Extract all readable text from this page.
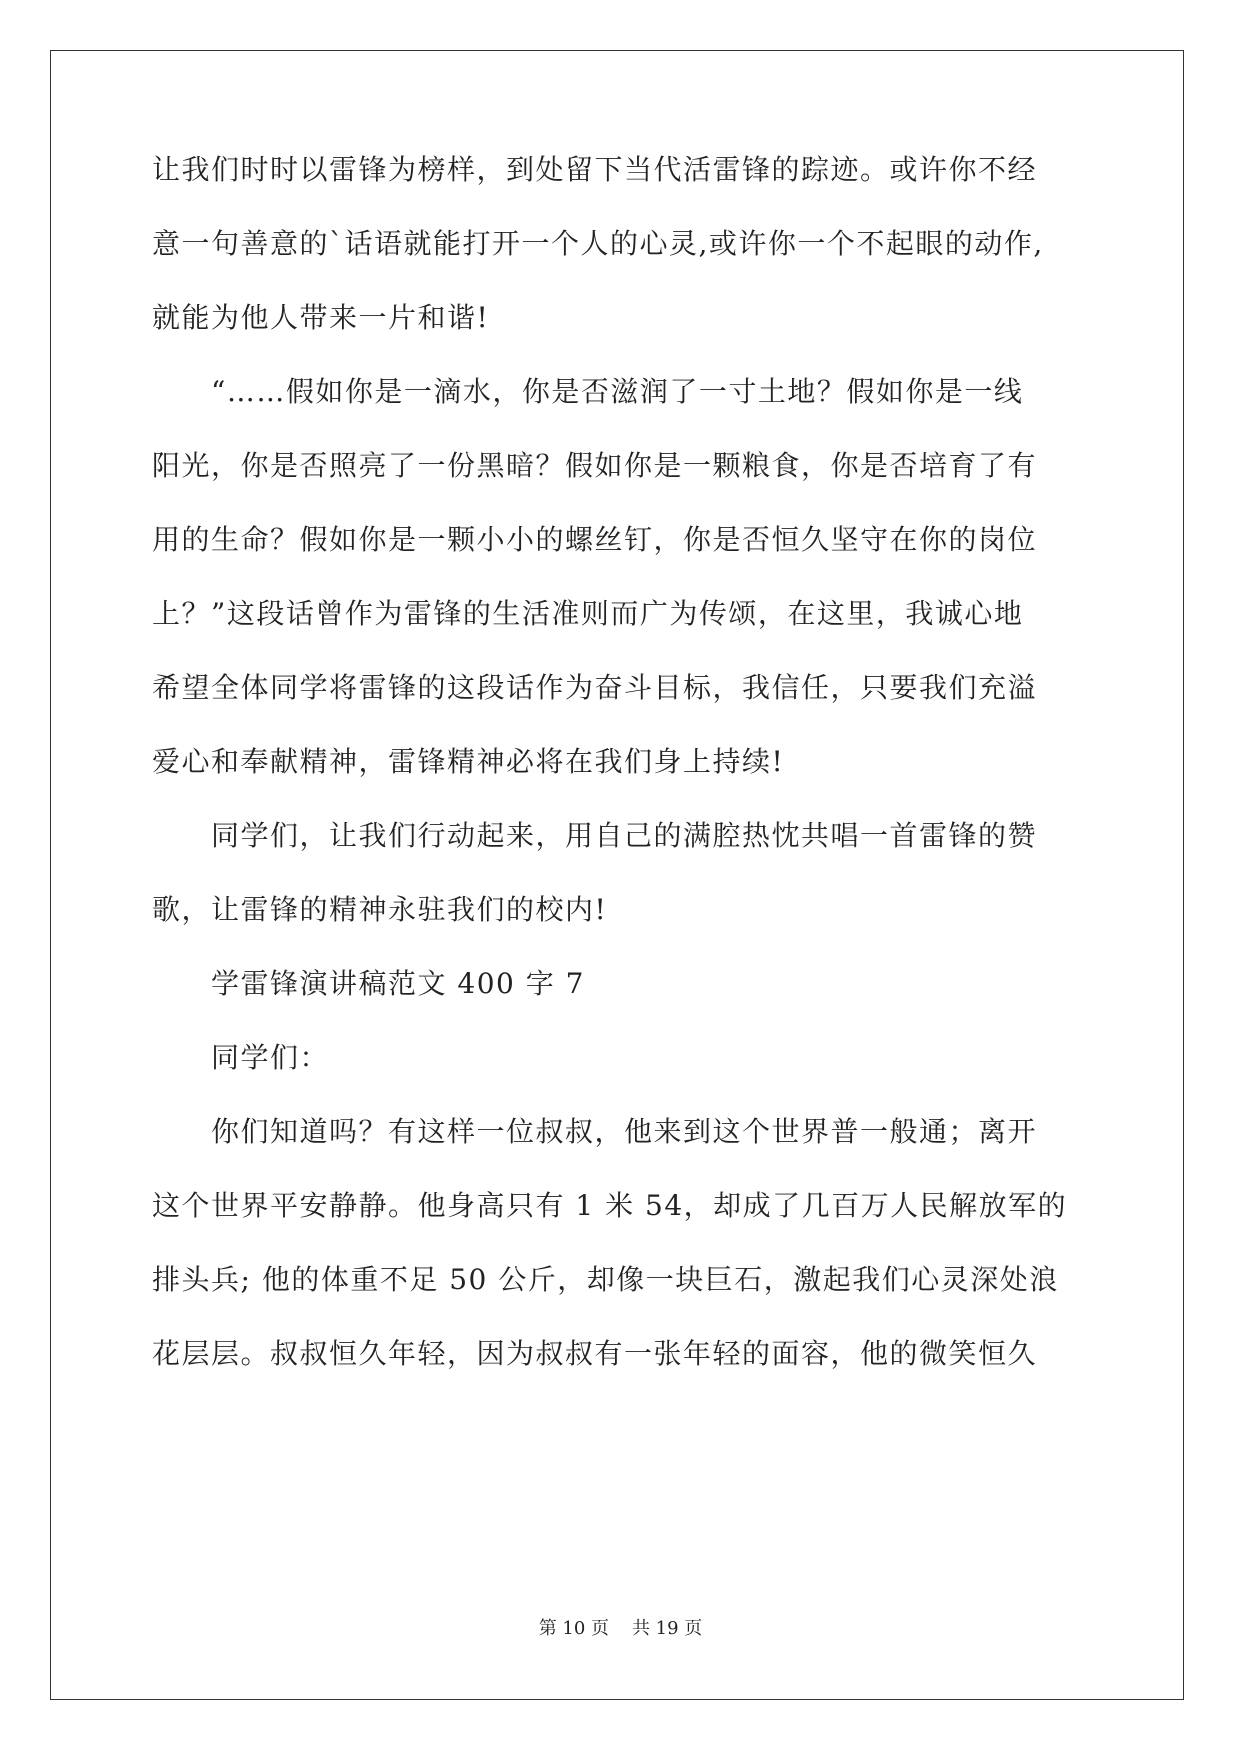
让我们时时以雷锋为榜样，到处留下当代活雷锋的踪迹。或许你不经
意一句善意的`话语就能打开一个人的心灵,或许你一个不起眼的动作,
就能为他人带来一片和谐!
　　“……假如你是一滴水，你是否滋润了一寸土地？假如你是一线
阳光，你是否照亮了一份黑暗？假如你是一颗粮食，你是否培育了有
用的生命？假如你是一颗小小的螺丝钉，你是否恒久坚守在你的岗位
上？”这段话曾作为雷锋的生活准则而广为传颂，在这里，我诚心地
希望全体同学将雷锋的这段话作为奋斗目标，我信任，只要我们充溢
爱心和奉献精神，雷锋精神必将在我们身上持续!
　　同学们，让我们行动起来，用自己的满腔热忱共唱一首雷锋的赞
歌，让雷锋的精神永驻我们的校内!
　　学雷锋演讲稿范文 400 字 7
　　同学们：
　　你们知道吗？有这样一位叔叔，他来到这个世界普一般通；离开
这个世界平安静静。他身高只有 1 米 54，却成了几百万人民解放军的
排头兵; 他的体重不足 50 公斤，却像一块巨石，激起我们心灵深处浪
花层层。叔叔恒久年轻，因为叔叔有一张年轻的面容，他的微笑恒久
第 10 页 共 19 页
